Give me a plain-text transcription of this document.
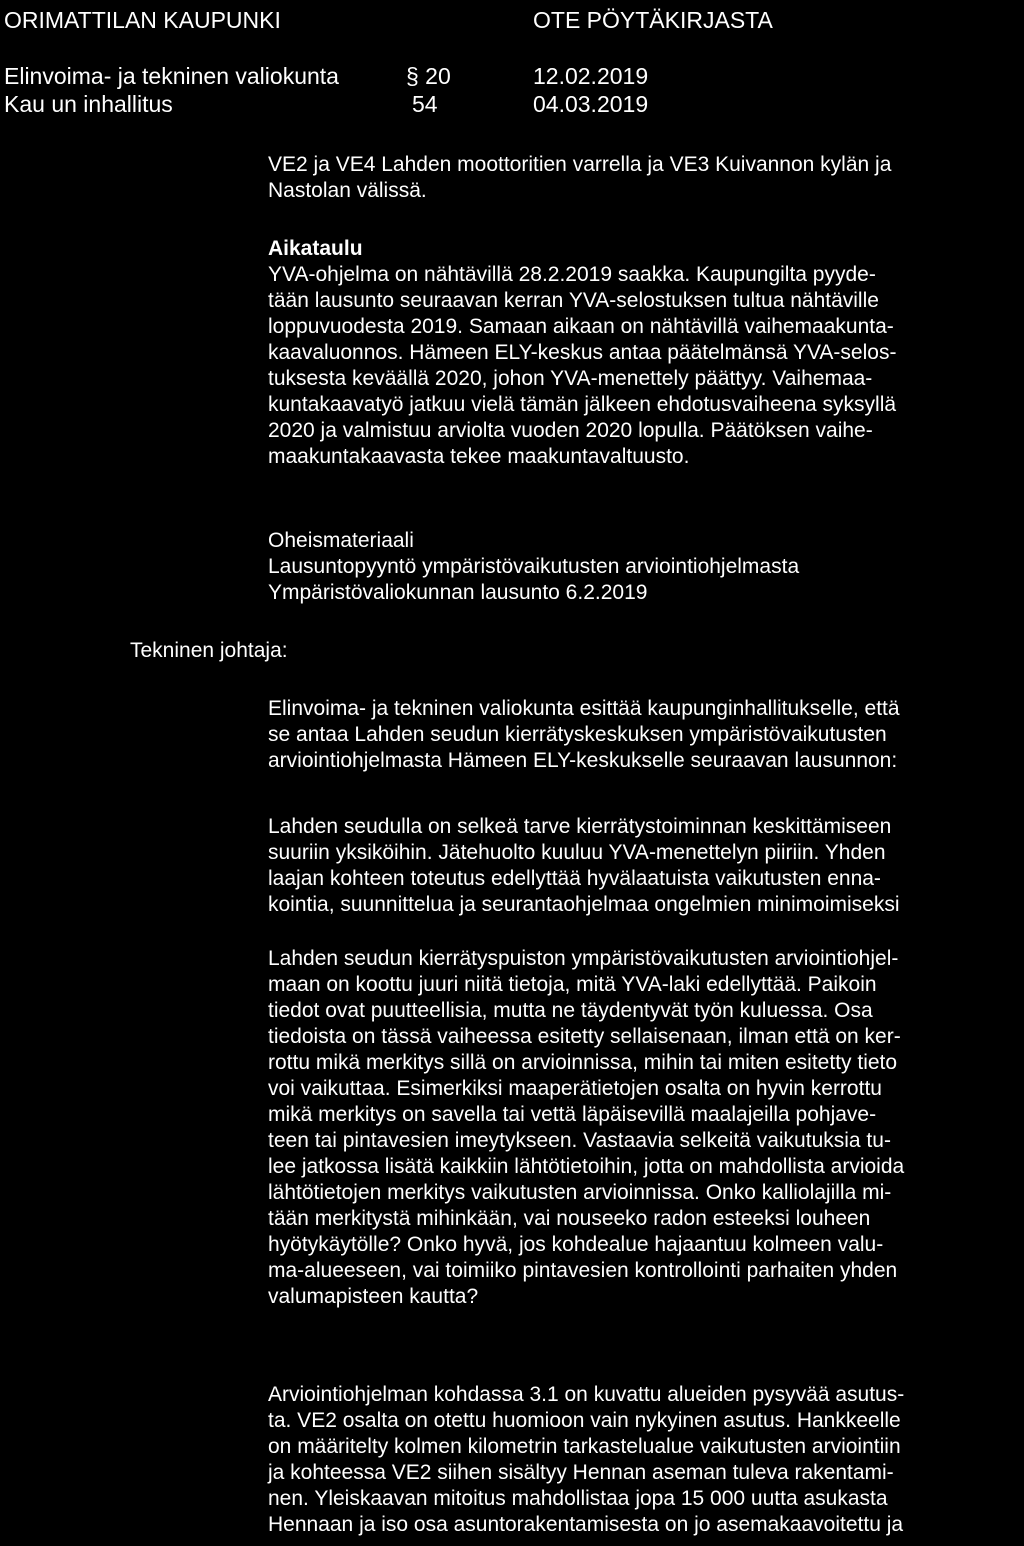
ORIMATTILAN KAUPUNKI	OTE PÖYTÄKIRJASTA
Elinvoima- ja tekninen valiokunta	§ 20	12.02.2019
Kau un inhallitus	54	04.03.2019
VE2 ja VE4 Lahden moottoritien varrella ja VE3 Kuivannon kylän ja
Nastolan välissä.
Aikataulu
YVA-ohjelma on nähtävillä 28.2.2019 saakka. Kaupungilta pyyde-
tään lausunto seuraavan kerran YVA-selostuksen tultua nähtäville
loppuvuodesta 2019. Samaan aikaan on nähtävillä vaihemaakunta-
kaavaluonnos. Hämeen ELY-keskus antaa päätelmänsä YVA-selos-
tuksesta keväällä 2020, johon YVA-menettely päättyy. Vaihemaa-
kuntakaavatyö jatkuu vielä tämän jälkeen ehdotusvaiheena syksyllä
2020 ja valmistuu arviolta vuoden 2020 lopulla. Päätöksen vaihe-
maakuntakaavasta tekee maakuntavaltuusto.
Oheismateriaali
Lausuntopyyntö ympäristövaikutusten arviointiohjelmasta
Ympäristövaliokunnan lausunto 6.2.2019
Tekninen johtaja:
Elinvoima- ja tekninen valiokunta esittää kaupunginhallitukselle, että
se antaa Lahden seudun kierrätyskeskuksen ympäristövaikutusten
arviointiohjelmasta Hämeen ELY-keskukselle seuraavan lausunnon:
Lahden seudulla on selkeä tarve kierrätystoiminnan keskittämiseen
suuriin yksiköihin. Jätehuolto kuuluu YVA-menettelyn piiriin. Yhden
laajan kohteen toteutus edellyttää hyvälaatuista vaikutusten enna-
kointia, suunnittelua ja seurantaohjelmaa ongelmien minimoimiseksi
Lahden seudun kierrätyspuiston ympäristövaikutusten arviointiohjel-
maan on koottu juuri niitä tietoja, mitä YVA-laki edellyttää. Paikoin
tiedot ovat puutteellisia, mutta ne täydentyvät työn kuluessa. Osa
tiedoista on tässä vaiheessa esitetty sellaisenaan, ilman että on ker-
rottu mikä merkitys sillä on arvioinnissa, mihin tai miten esitetty tieto
voi vaikuttaa. Esimerkiksi maaperätietojen osalta on hyvin kerrottu
mikä merkitys on savella tai vettä läpäisevillä maalajeilla pohjave-
teen tai pintavesien imeytykseen. Vastaavia selkeitä vaikutuksia tu-
lee jatkossa lisätä kaikkiin lähtötietoihin, jotta on mahdollista arvioida
lähtötietojen merkitys vaikutusten arvioinnissa. Onko kalliolajilla mi-
tään merkitystä mihinkään, vai nouseeko radon esteeksi louheen
hyötykäytölle? Onko hyvä, jos kohdealue hajaantuu kolmeen valu-
ma-alueeseen, vai toimiiko pintavesien kontrollointi parhaiten yhden
valumapisteen kautta?
Arviointiohjelman kohdassa 3.1 on kuvattu alueiden pysyvää asutus-
ta. VE2 osalta on otettu huomioon vain nykyinen asutus. Hankkeelle
on määritelty kolmen kilometrin tarkastelualue vaikutusten arviointiin
ja kohteessa VE2 siihen sisältyy Hennan aseman tuleva rakentami-
nen. Yleiskaavan mitoitus mahdollistaa jopa 15 000 uutta asukasta
Hennaan ja iso osa asuntorakentamisesta on jo asemakaavoitettu ja
